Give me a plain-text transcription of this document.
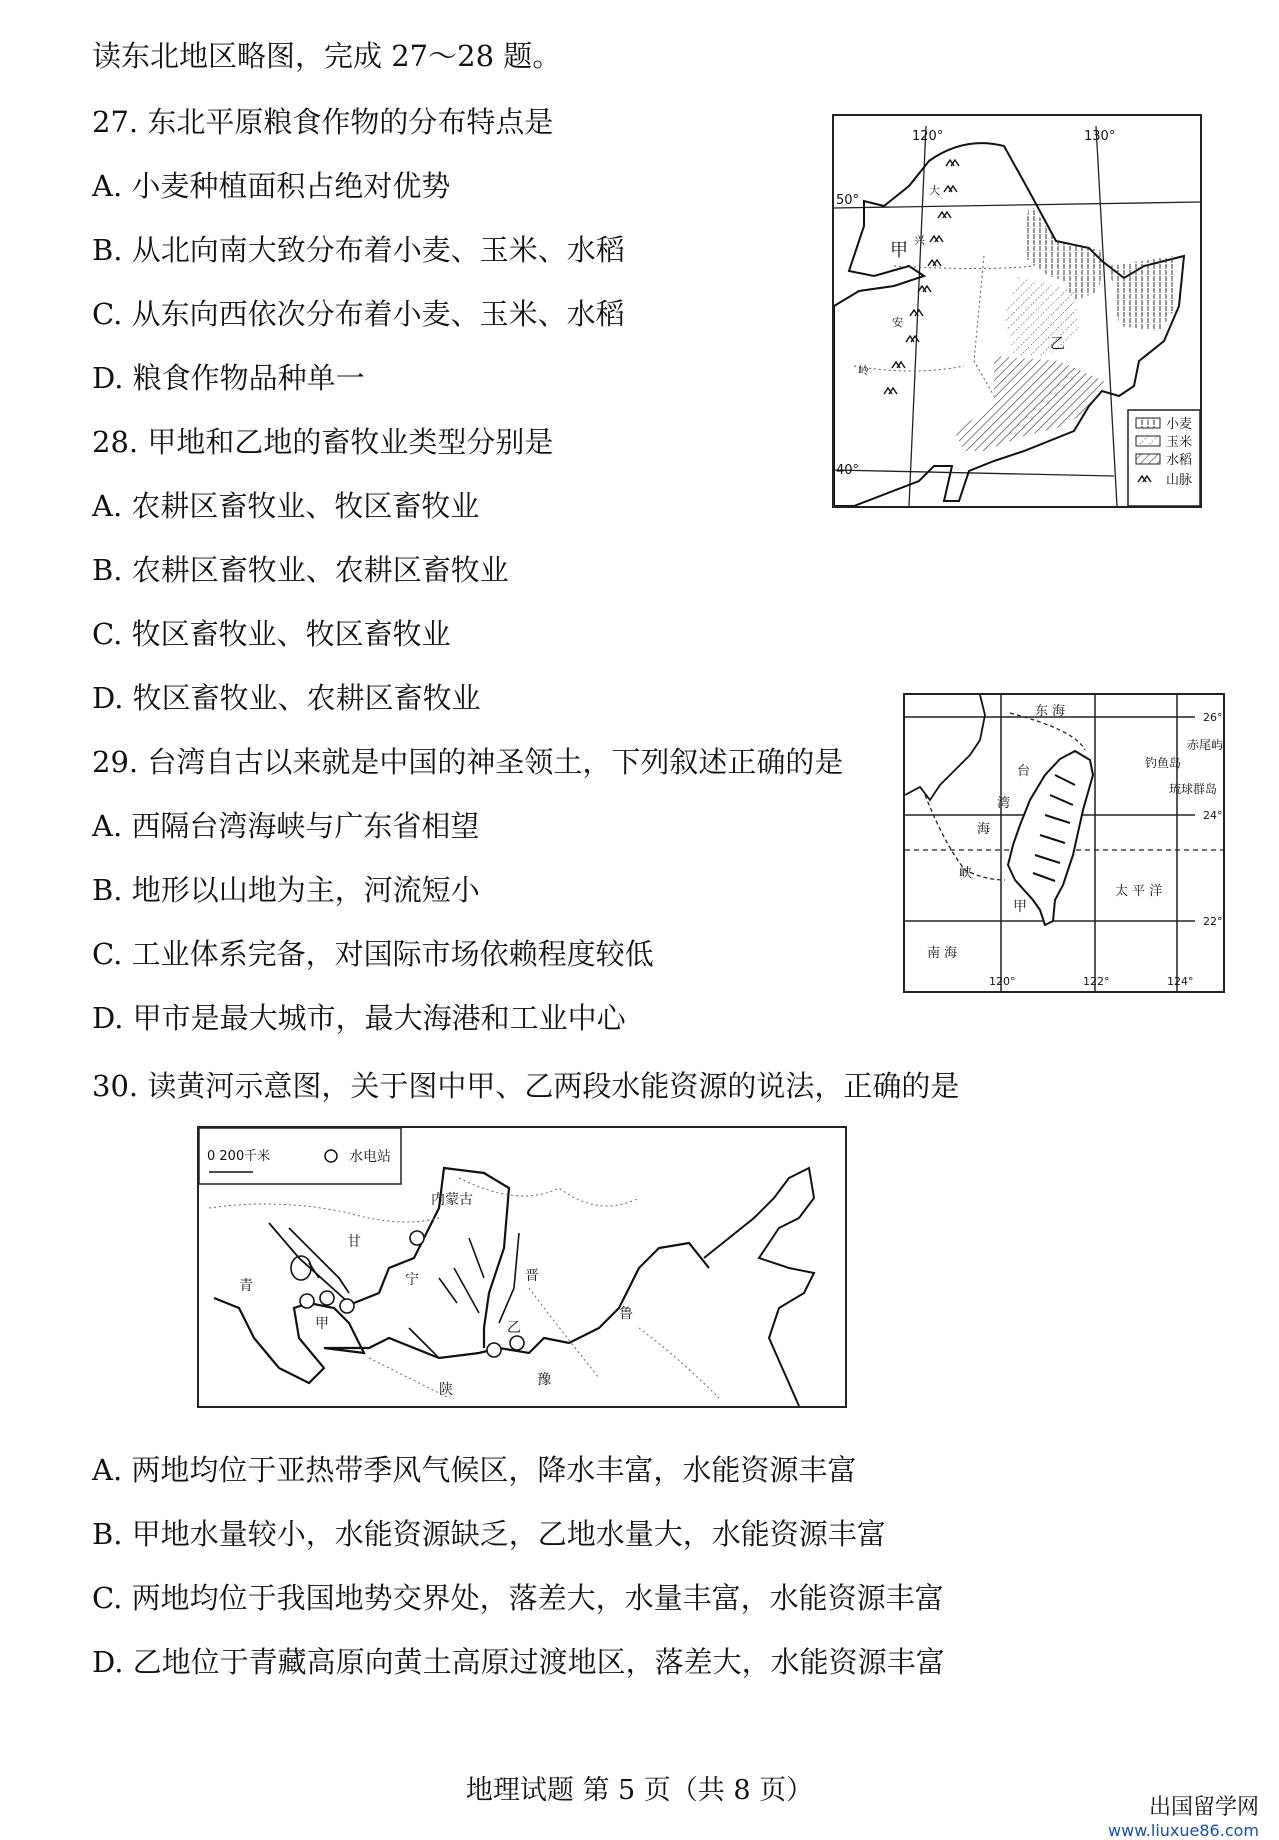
读东北地区略图，完成 27～28 题。
27. 东北平原粮食作物的分布特点是
A. 小麦种植面积占绝对优势
B. 从北向南大致分布着小麦、玉米、水稻
C. 从东向西依次分布着小麦、玉米、水稻
D. 粮食作物品种单一
28. 甲地和乙地的畜牧业类型分别是
A. 农耕区畜牧业、牧区畜牧业
B. 农耕区畜牧业、农耕区畜牧业
C. 牧区畜牧业、牧区畜牧业
D. 牧区畜牧业、农耕区畜牧业
29. 台湾自古以来就是中国的神圣领土，下列叙述正确的是
A. 西隔台湾海峡与广东省相望
B. 地形以山地为主，河流短小
C. 工业体系完备，对国际市场依赖程度较低
D. 甲市是最大城市，最大海港和工业中心
30. 读黄河示意图，关于图中甲、乙两段水能资源的说法，正确的是
A. 两地均位于亚热带季风气候区，降水丰富，水能资源丰富
B. 甲地水量较小，水能资源缺乏，乙地水量大，水能资源丰富
C. 两地均位于我国地势交界处，落差大，水量丰富，水能资源丰富
D. 乙地位于青藏高原向黄土高原过渡地区，落差大，水能资源丰富
120°	130°
50°
40°
甲
乙
大
兴
安
岭
小麦
玉米
水稻
山脉
东 海
台
湾
海
峡
甲
南 海
太 平 洋
赤尾屿
钓鱼岛
琉球群岛
26°
24°
22°
120°	122°	124°
0 200千米	水电站
内蒙古
甘
宁
青
甲
晋
乙
陕
豫
鲁
地理试题 第 5 页（共 8 页）
出国留学网
www.liuxue86.com
